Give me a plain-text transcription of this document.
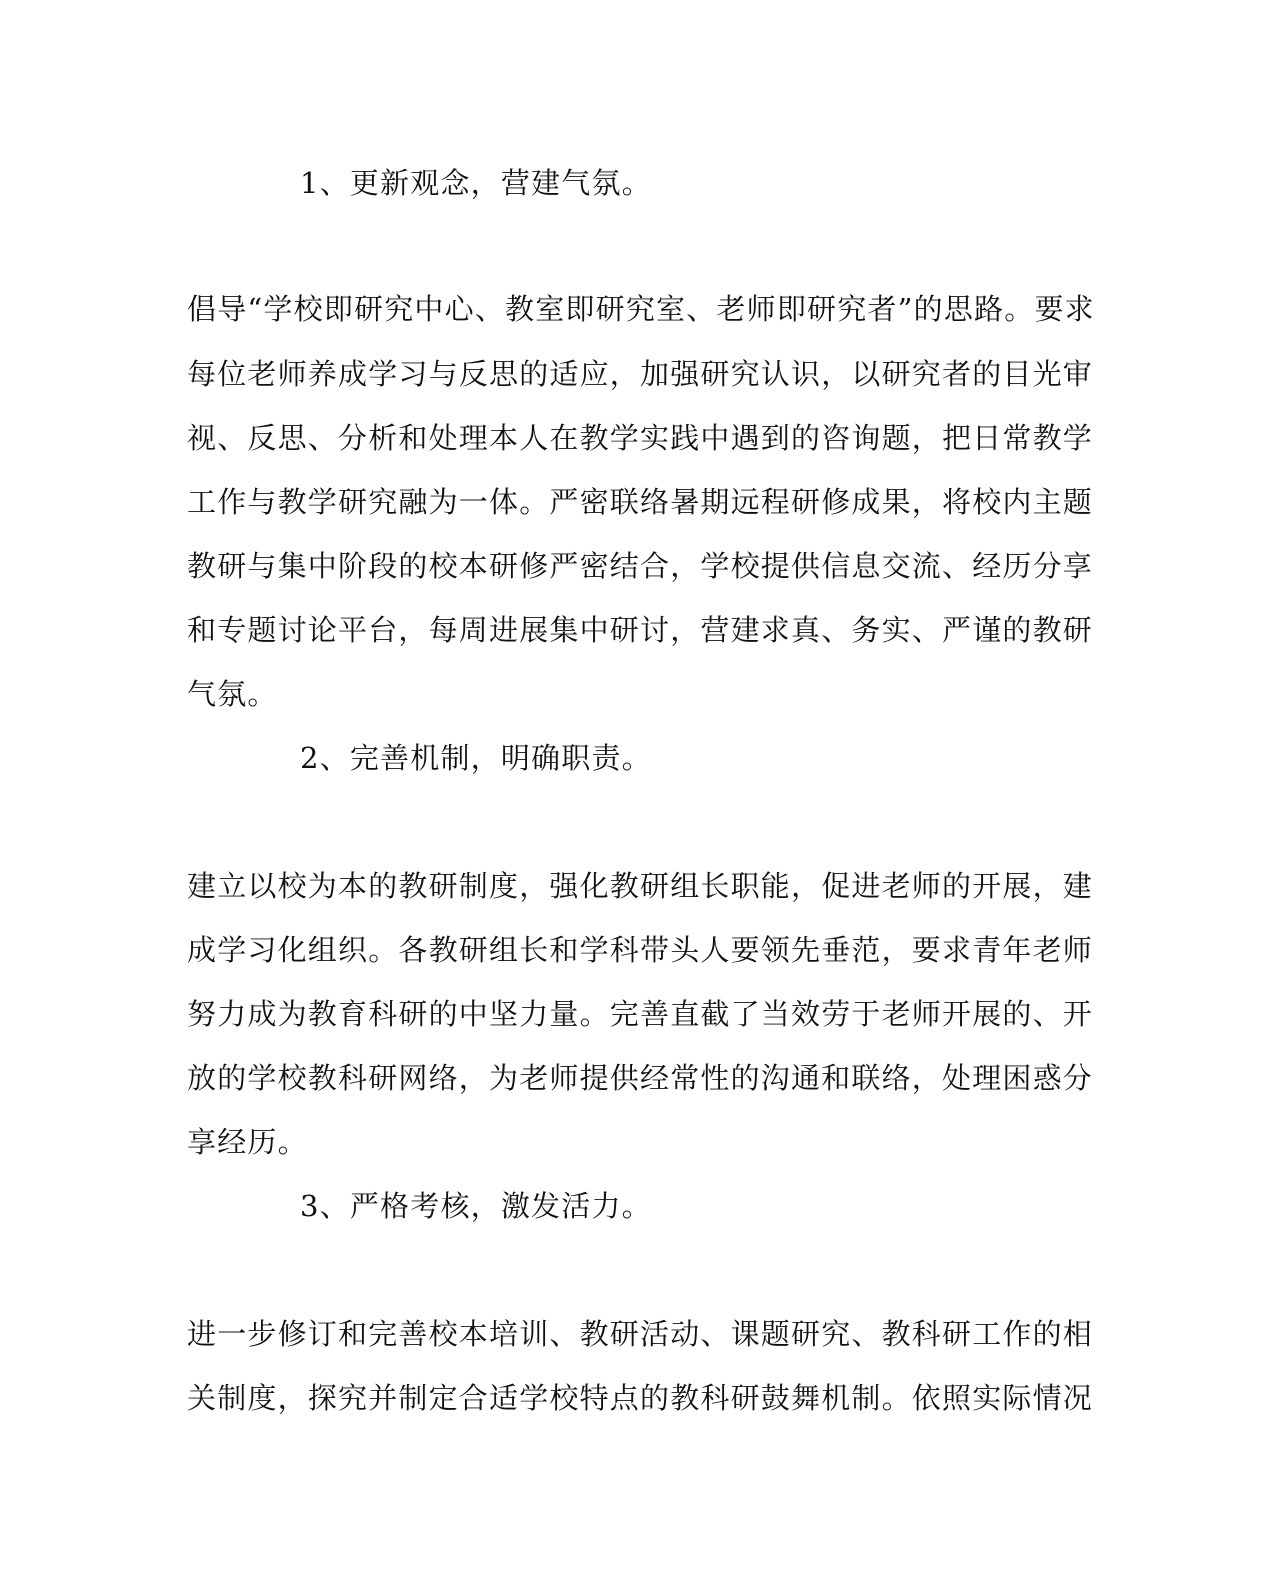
1、更新观念，营建气氛。
倡导“学校即研究中心、教室即研究室、老师即研究者”的思路。要求
每位老师养成学习与反思的适应，加强研究认识，以研究者的目光审
视、反思、分析和处理本人在教学实践中遇到的咨询题，把日常教学
工作与教学研究融为一体。严密联络暑期远程研修成果，将校内主题
教研与集中阶段的校本研修严密结合，学校提供信息交流、经历分享
和专题讨论平台，每周进展集中研讨，营建求真、务实、严谨的教研
气氛。
2、完善机制，明确职责。
建立以校为本的教研制度，强化教研组长职能，促进老师的开展，建
成学习化组织。各教研组长和学科带头人要领先垂范，要求青年老师
努力成为教育科研的中坚力量。完善直截了当效劳于老师开展的、开
放的学校教科研网络，为老师提供经常性的沟通和联络，处理困惑分
享经历。
3、严格考核，激发活力。
进一步修订和完善校本培训、教研活动、课题研究、教科研工作的相
关制度，探究并制定合适学校特点的教科研鼓舞机制。依照实际情况
